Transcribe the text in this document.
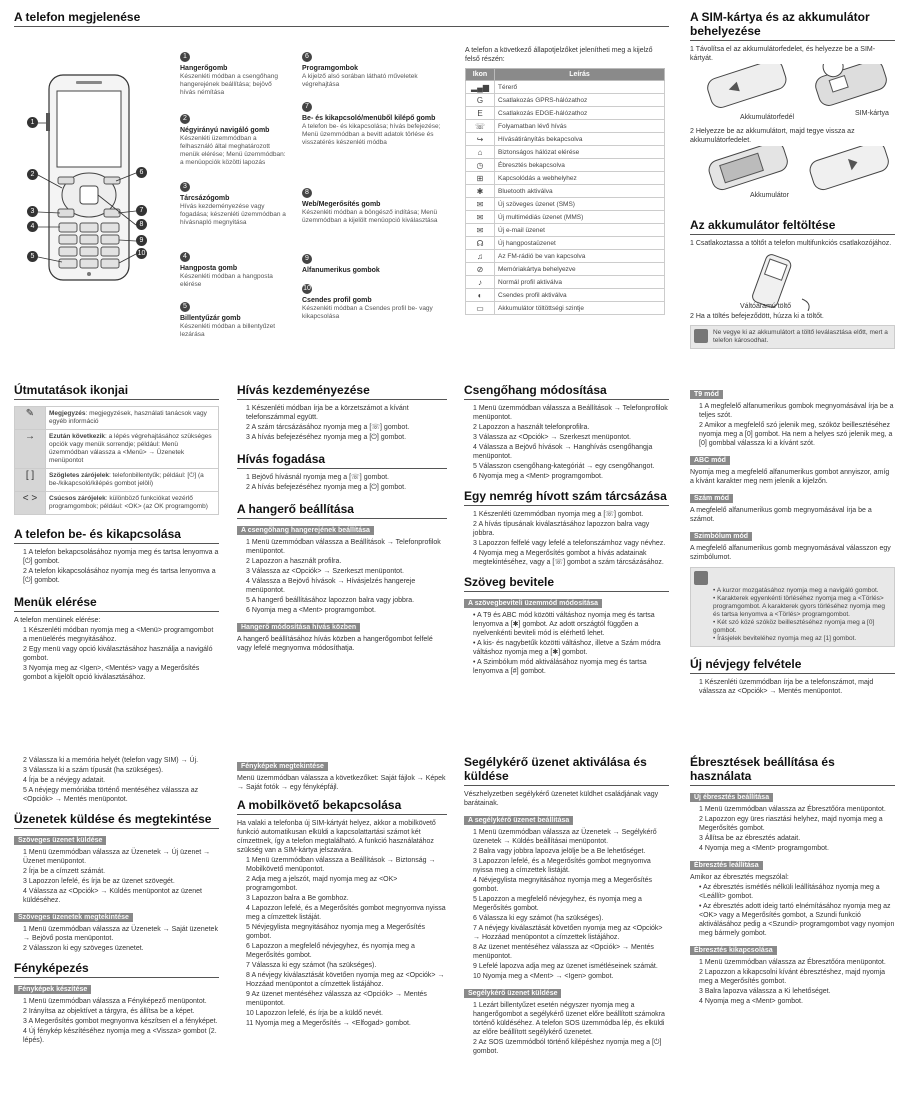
A telefon megjelenése
1
2
3
4
5
6
7
8
9
10
1
Hangerőgomb
Készenléti módban a csengőhang hangerejének beállítása; bejövő hívás némítása
2
Négyirányú navigáló gomb
Készenléti üzemmódban a felhasználó által meghatározott menük elérése; Menü üzemmódban: a menüopciók közötti lapozás
3
Tárcsázógomb
Hívás kezdeményezése vagy fogadása; készenléti üzemmódban a hívásnapló megnyitása
4
Hangposta gomb
Készenléti módban a hangposta elérése
5
Billentyűzár gomb
Készenléti módban a billentyűzet lezárása
6
Programgombok
A kijelző alsó sorában látható műveletek végrehajtása
7
Be- és kikapcsoló/menüből kilépő gomb
A telefon be- és kikapcsolása; hívás befejezése; Menü üzemmódban a bevitt adatok törlése és visszatérés készenléti módba
8
Web/Megerősítés gomb
Készenléti módban a böngésző indítása; Menü üzemmódban a kijelölt menüopció kiválasztása
9
Alfanumerikus gombok
10
Csendes profil gomb
Készenléti módban a Csendes profil be- vagy kikapcsolása
A telefon a következő állapotjelzőket jelenítheti meg a kijelző felső részén:
Ikon	Leírás
▂▄▆	Térerő
G	Csatlakozás GPRS-hálózathoz
E	Csatlakozás EDGE-hálózathoz
☏	Folyamatban lévő hívás
↪	Hívásátirányítás bekapcsolva
⌂	Biztonságos hálózat elérése
◷	Ébresztés bekapcsolva
⊞	Kapcsolódás a webhelyhez
✱	Bluetooth aktiválva
✉	Új szöveges üzenet (SMS)
✉	Új multimédiás üzenet (MMS)
✉	Új e-mail üzenet
☊	Új hangpostaüzenet
♫	Az FM-rádió be van kapcsolva
⊘	Memóriakártya behelyezve
♪	Normál profil aktiválva
◐	Csendes profil aktiválva
▭	Akkumulátor töltöttségi szintje
A SIM-kártya és az akkumulátor behelyezése
1 Távolítsa el az akkumulátorfedelet, és helyezze be a SIM-kártyát.
Akkumulátorfedél
SIM-kártya
2 Helyezze be az akkumulátort, majd tegye vissza az akkumulátorfedelet.
Akkumulátor
Az akkumulátor feltöltése
1 Csatlakoztassa a töltőt a telefon multifunkciós csatlakozójához.
Váltóáramú töltő
2 Ha a töltés befejeződött, húzza ki a töltőt.
Ne vegye ki az akkumulátort a töltő leválasztása előtt, mert a telefon károsodhat.
Útmutatások ikonjai
✎	Megjegyzés: megjegyzések, használati tanácsok vagy egyéb információ
→	Ezután következik: a lépés végrehajtásához szükséges opciók vagy menük sorrendje; például: Menü üzemmódban válassza a <Menü> → Üzenetek menüpontot
[ ]	Szögletes zárójelek: telefonbillentyűk; például: [⏻] (a be-/kikapcsoló/kilépés gombot jelöli)
< >	Csúcsos zárójelek: különböző funkciókat vezérlő programgombok; például: <OK> (az OK programgomb)
A telefon be- és kikapcsolása
1 A telefon bekapcsolásához nyomja meg és tartsa lenyomva a [⏻] gombot.
2 A telefon kikapcsolásához nyomja meg és tartsa lenyomva a [⏻] gombot.
Menük elérése
A telefon menüinek elérése:
1 Készenléti módban nyomja meg a <Menü> programgombot a menüelérés megnyitásához.
2 Egy menü vagy opció kiválasztásához használja a navigáló gombot.
3 Nyomja meg az <Igen>, <Mentés> vagy a Megerősítés gombot a kijelölt opció kiválasztásához.
Hívás kezdeményezése
1 Készenléti módban írja be a körzetszámot a kívánt telefonszámmal együtt.
2 A szám tárcsázásához nyomja meg a [☏] gombot.
3 A hívás befejezéséhez nyomja meg a [⏻] gombot.
Hívás fogadása
1 Bejövő hívásnál nyomja meg a [☏] gombot.
2 A hívás befejezéséhez nyomja meg a [⏻] gombot.
A hangerő beállítása
A csengőhang hangerejének beállítása
1 Menü üzemmódban válassza a Beállítások → Telefonprofilok menüpontot.
2 Lapozzon a használt profilra.
3 Válassza az <Opciók> → Szerkeszt menüpontot.
4 Válassza a Bejövő hívások → Hívásjelzés hangereje menüpontot.
5 A hangerő beállításához lapozzon balra vagy jobbra.
6 Nyomja meg a <Ment> programgombot.
Hangerő módosítása hívás közben
A hangerő beállításához hívás közben a hangerőgombot felfelé vagy lefelé megnyomva módosíthatja.
Csengőhang módosítása
1 Menü üzemmódban válassza a Beállítások → Telefonprofilok menüpontot.
2 Lapozzon a használt telefonprofilra.
3 Válassza az <Opciók> → Szerkeszt menüpontot.
4 Válassza a Bejövő hívások → Hanghívás csengőhangja menüpontot.
5 Válasszon csengőhang-kategóriát → egy csengőhangot.
6 Nyomja meg a <Ment> programgombot.
Egy nemrég hívott szám tárcsázása
1 Készenléti üzemmódban nyomja meg a [☏] gombot.
2 A hívás típusának kiválasztásához lapozzon balra vagy jobbra.
3 Lapozzon felfelé vagy lefelé a telefonszámhoz vagy névhez.
4 Nyomja meg a Megerősítés gombot a hívás adatainak megtekintéséhez, vagy a [☏] gombot a szám tárcsázásához.
Szöveg bevitele
A szövegbeviteli üzemmód módosítása
• A T9 és ABC mód közötti váltáshoz nyomja meg és tartsa lenyomva a [✱] gombot. Az adott országtól függően a nyelvenkénti beviteli mód is elérhető lehet.
• A kis- és nagybetűk közötti váltáshoz, illetve a Szám módra váltáshoz nyomja meg a [✱] gombot.
• A Szimbólum mód aktiválásához nyomja meg és tartsa lenyomva a [#] gombot.
T9 mód
1 A megfelelő alfanumerikus gombok megnyomásával írja be a teljes szót.
2 Amikor a megfelelő szó jelenik meg, szóköz beillesztéséhez nyomja meg a [0] gombot. Ha nem a helyes szó jelenik meg, a [0] gombbal válassza ki a kívánt szót.
ABC mód
Nyomja meg a megfelelő alfanumerikus gombot annyiszor, amíg a kívánt karakter meg nem jelenik a kijelzőn.
Szám mód
A megfelelő alfanumerikus gomb megnyomásával írja be a számot.
Szimbólum mód
A megfelelő alfanumerikus gomb megnyomásával válasszon egy szimbólumot.

• A kurzor mozgatásához nyomja meg a navigáló gombot.
• Karakterek egyenkénti törléséhez nyomja meg a <Törlés> programgombot. A karakterek gyors törléséhez nyomja meg és tartsa lenyomva a <Törlés> programgombot.
• Két szó közé szóköz beillesztéséhez nyomja meg a [0] gombot.
• Írásjelek beviteléhez nyomja meg az [1] gombot.

Új névjegy felvétele
1 Készenléti üzemmódban írja be a telefonszámot, majd válassza az <Opciók> → Mentés menüpontot.
2 Válassza ki a memória helyét (telefon vagy SIM) → Új.
3 Válassza ki a szám típusát (ha szükséges).
4 Írja be a névjegy adatait.
5 A névjegy memóriába történő mentéséhez válassza az <Opciók> → Mentés menüpontot.
Üzenetek küldése és megtekintése
Szöveges üzenet küldése
1 Menü üzemmódban válassza az Üzenetek → Új üzenet → Üzenet menüpontot.
2 Írja be a címzett számát.
3 Lapozzon lefelé, és írja be az üzenet szövegét.
4 Válassza az <Opciók> → Küldés menüpontot az üzenet küldéséhez.
Szöveges üzenetek megtekintése
1 Menü üzemmódban válassza az Üzenetek → Saját üzenetek → Bejövő posta menüpontot.
2 Válasszon ki egy szöveges üzenetet.
Fényképezés
Fényképek készítése
1 Menü üzemmódban válassza a Fényképező menüpontot.
2 Irányítsa az objektívet a tárgyra, és állítsa be a képet.
3 A Megerősítés gombot megnyomva készítsen el a fényképet.
4 Új fénykép készítéséhez nyomja meg a <Vissza> gombot (2. lépés).
Fényképek megtekintése
Menü üzemmódban válassza a következőket: Saját fájlok → Képek → Saját fotók → egy fényképfájl.
A mobilkövető bekapcsolása
Ha valaki a telefonba új SIM-kártyát helyez, akkor a mobilkövető funkció automatikusan elküldi a kapcsolattartási számot két címzettnek, így a telefon megtalálható. A funkció használatához szükség van a SIM-kártya jelszavára.
1 Menü üzemmódban válassza a Beállítások → Biztonság → Mobilkövető menüpontot.
2 Adja meg a jelszót, majd nyomja meg az <OK> programgombot.
3 Lapozzon balra a Be gombhoz.
4 Lapozzon lefelé, és a Megerősítés gombot megnyomva nyissa meg a címzettek listáját.
5 Névjegylista megnyitásához nyomja meg a Megerősítés gombot.
6 Lapozzon a megfelelő névjegyhez, és nyomja meg a Megerősítés gombot.
7 Válassza ki egy számot (ha szükséges).
8 A névjegy kiválasztását követően nyomja meg az <Opciók> → Hozzáad menüpontot a címzettek listájához.
9 Az üzenet mentéséhez válassza az <Opciók> → Mentés menüpontot.
10 Lapozzon lefelé, és írja be a küldő nevét.
11 Nyomja meg a Megerősítés → <Elfogad> gombot.
Segélykérő üzenet aktiválása és küldése
Vészhelyzetben segélykérő üzenetet küldhet családjának vagy barátainak.
A segélykérő üzenet beállítása
1 Menü üzemmódban válassza az Üzenetek → Segélykérő üzenetek → Küldés beállításai menüpontot.
2 Balra vagy jobbra lapozva jelölje be a Be lehetőséget.
3 Lapozzon lefelé, és a Megerősítés gombot megnyomva nyissa meg a címzettek listáját.
4 Névjegylista megnyitásához nyomja meg a Megerősítés gombot.
5 Lapozzon a megfelelő névjegyhez, és nyomja meg a Megerősítés gombot.
6 Válassza ki egy számot (ha szükséges).
7 A névjegy kiválasztását követően nyomja meg az <Opciók> → Hozzáad menüpontot a címzettek listájához.
8 Az üzenet mentéséhez válassza az <Opciók> → Mentés menüpontot.
9 Lefelé lapozva adja meg az üzenet ismétléseinek számát.
10 Nyomja meg a <Ment> → <Igen> gombot.
Segélykérő üzenet küldése
1 Lezárt billentyűzet esetén négyszer nyomja meg a hangerőgombot a segélykérő üzenet előre beállított számokra történő küldéséhez. A telefon SOS üzemmódba lép, és elküldi az előre beállított segélykérő üzenetet.
2 Az SOS üzemmódból történő kilépéshez nyomja meg a [⏻] gombot.
Ébresztések beállítása és használata
Új ébresztés beállítása
1 Menü üzemmódban válassza az Ébresztőóra menüpontot.
2 Lapozzon egy üres riasztási helyhez, majd nyomja meg a Megerősítés gombot.
3 Állítsa be az ébresztés adatait.
4 Nyomja meg a <Ment> programgombot.
Ébresztés leállítása
Amikor az ébresztés megszólal:
• Az ébresztés ismétlés nélküli leállításához nyomja meg a <Leállít> gombot.
• Az ébresztés adott ideig tartó elnémításához nyomja meg az <OK> vagy a Megerősítés gombot, a Szundi funkció aktiválásához pedig a <Szundi> programgombot vagy nyomjon meg bármely gombot.
Ébresztés kikapcsolása
1 Menü üzemmódban válassza az Ébresztőóra menüpontot.
2 Lapozzon a kikapcsolni kívánt ébresztéshez, majd nyomja meg a Megerősítés gombot.
3 Balra lapozva válassza a Ki lehetőséget.
4 Nyomja meg a <Ment> gombot.
